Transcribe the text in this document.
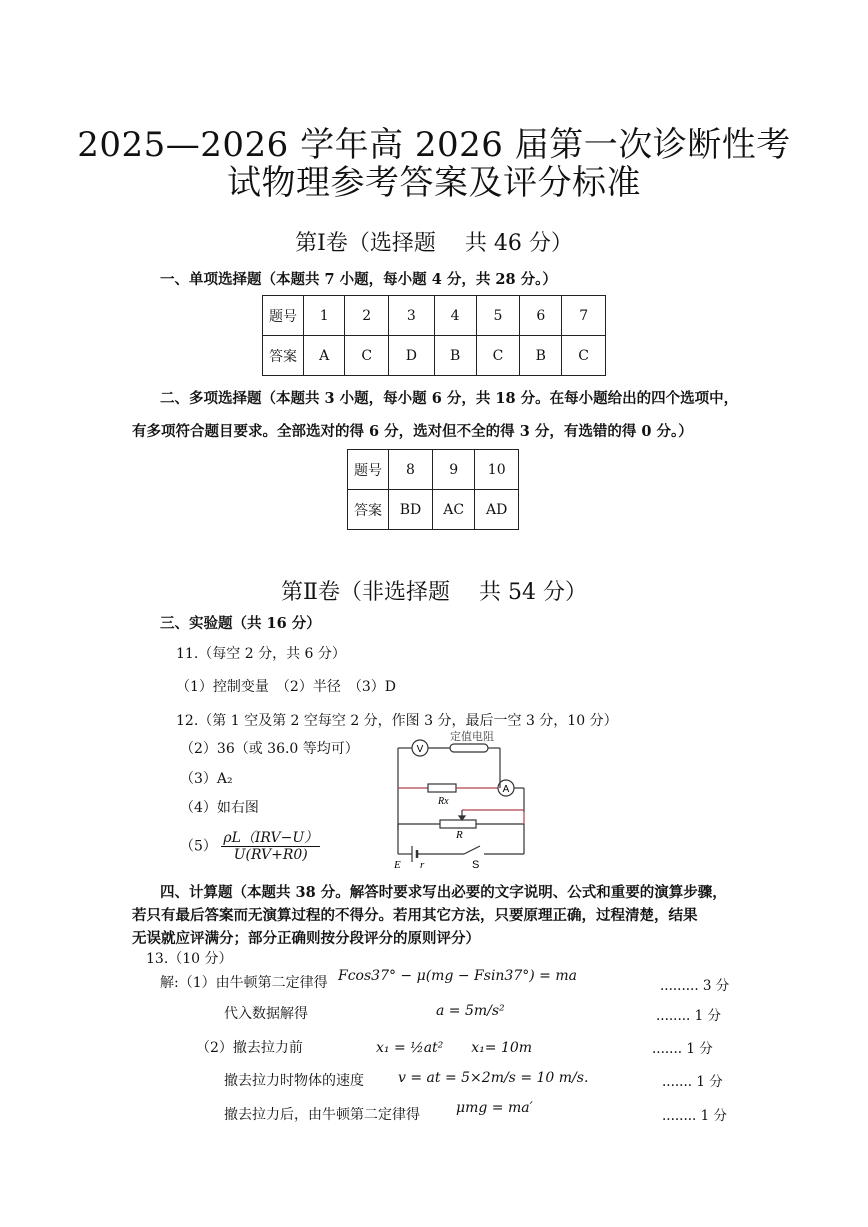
2025—2026 学年高 2026 届第一次诊断性考
试物理参考答案及评分标准
第Ⅰ卷（选择题　 共 46 分）
一、单项选择题（本题共 7 小题，每小题 4 分，共 28 分。）
题号	1	2	3	4	5	6	7
答案	A	C	D	B	C	B	C
二、多项选择题（本题共 3 小题，每小题 6 分，共 18 分。在每小题给出的四个选项中，
有多项符合题目要求。全部选对的得 6 分，选对但不全的得 3 分，有选错的得 0 分。）
题号	8	9	10
答案	BD	AC	AD
第Ⅱ卷（非选择题　 共 54 分）
三、实验题（共 16 分）
11.（每空 2 分，共 6 分）
（1）控制变量　（2）半径　（3）D
12.（第 1 空及第 2 空每空 2 分，作图 3 分，最后一空 3 分，10 分）
（2）36（或 36.0 等均可）
（3）A₂
（4）如右图
$(5) \frac{\text{ρL（IRV−U）}}{U(RV+R0)}$
V
A
定值电阻
Rx
R
E r	S
四、计算题（本题共 38 分。解答时要求写出必要的文字说明、公式和重要的演算步骤，
若只有最后答案而无演算过程的不得分。若用其它方法，只要原理正确，过程清楚，结果
无误就应评满分；部分正确则按分段评分的原则评分）
13.（10 分）
解:（1）由牛顿第二定律得 Fcos37° − μ(mg − Fsin37°) = ma
......... 3 分
代入数据解得	a = 5m/s²	........ 1 分
（2）撤去拉力前	x₁ = ½at²　　x₁= 10m	....... 1 分
撤去拉力时物体的速度 v = at = 5×2m/s = 10 m/s.	....... 1 分
撤去拉力后，由牛顿第二定律得	μmg = ma′	........ 1 分
